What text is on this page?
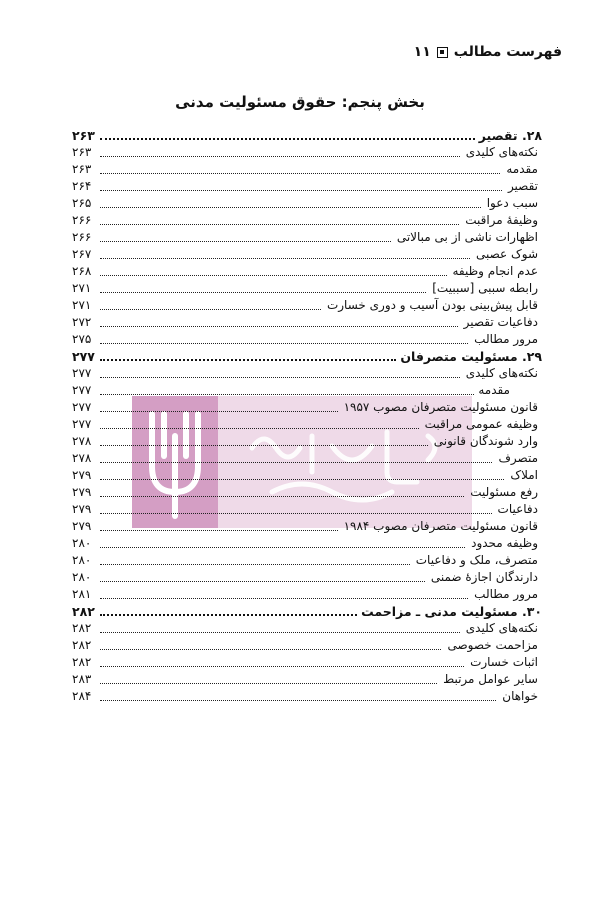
فهرست مطالب
۱۱
بخش پنجم: حقوق مسئولیت مدنی
۲۸. تقصیر
۲۶۳
نکته‌های کلیدی
۲۶۳
مقدمه
۲۶۳
تقصیر
۲۶۴
سبب دعوا
۲۶۵
وظیفهٔ مراقبت
۲۶۶
اظهارات ناشی از بی مبالاتی
۲۶۶
شوک عصبی
۲۶۷
عدم انجام وظیفه
۲۶۸
رابطه سببی [سببیت]
۲۷۱
قابل پیش‌بینی بودن آسیب و دوری خسارت
۲۷۱
دفاعیات تقصیر
۲۷۲
مرور مطالب
۲۷۵
۲۹. مسئولیت متصرفان
۲۷۷
نکته‌های کلیدی
۲۷۷
مقدمه
۲۷۷
قانون مسئولیت متصرفان مصوب ۱۹۵۷
۲۷۷
وظیفه عمومی مراقبت
۲۷۷
وارد شوندگان قانونی
۲۷۸
متصرف
۲۷۸
املاک
۲۷۹
رفع مسئولیت
۲۷۹
دفاعیات
۲۷۹
قانون مسئولیت متصرفان مصوب ۱۹۸۴
۲۷۹
وظیفه محدود
۲۸۰
متصرف، ملک و دفاعیات
۲۸۰
دارندگان اجازهٔ ضمنی
۲۸۰
مرور مطالب
۲۸۱
۳۰. مسئولیت مدنی ـ مزاحمت
۲۸۲
نکته‌های کلیدی
۲۸۲
مزاحمت خصوصی
۲۸۲
اثبات خسارت
۲۸۲
سایر عوامل مرتبط
۲۸۳
خواهان
۲۸۴
